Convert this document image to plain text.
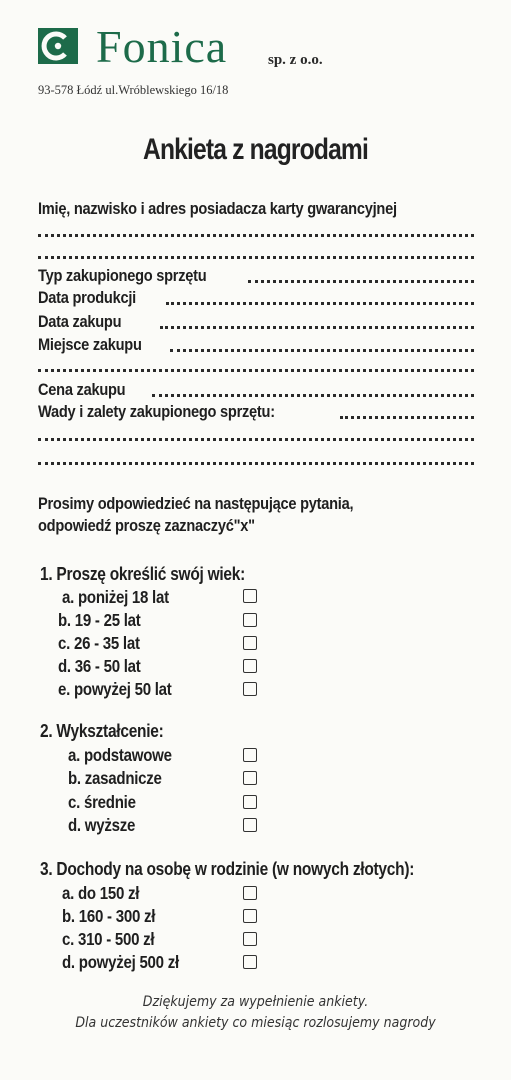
Fonica	sp. z o.o.
93-578 Łódź ul.Wróblewskiego 16/18
Ankieta z nagrodami
Imię, nazwisko i adres posiadacza karty gwarancyjnej
Typ zakupionego sprzętu
Data produkcji
Data zakupu
Miejsce zakupu
Cena zakupu
Wady i zalety zakupionego sprzętu:
Prosimy odpowiedzieć na następujące pytania,
odpowiedź proszę zaznaczyć"x"
1. Proszę określić swój wiek:
a. poniżej 18 lat
b. 19 - 25 lat
c. 26 - 35 lat
d. 36 - 50 lat
e. powyżej 50 lat
2. Wykształcenie:
a. podstawowe
b. zasadnicze
c. średnie
d. wyższe
3. Dochody na osobę w rodzinie (w nowych złotych):
a. do 150 zł
b. 160 - 300 zł
c. 310 - 500 zł
d. powyżej 500 zł
Dziękujemy za wypełnienie ankiety.
Dla uczestników ankiety co miesiąc rozlosujemy nagrody
